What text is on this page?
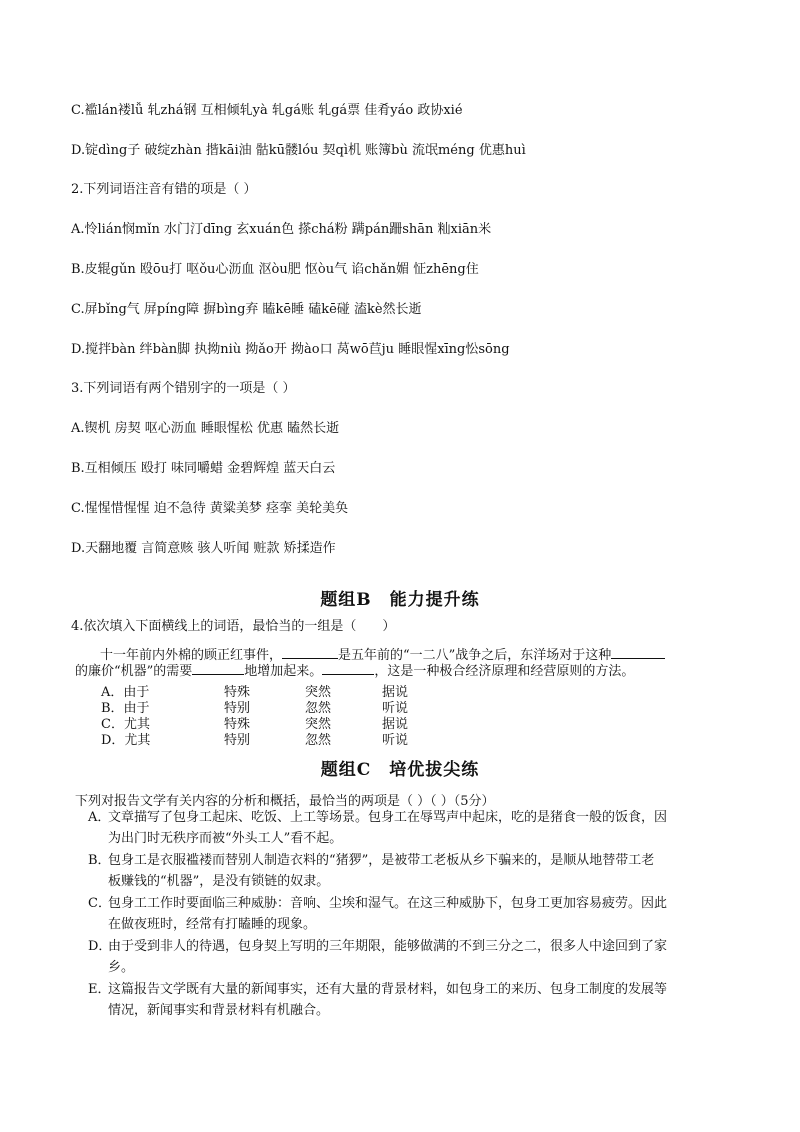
C.褴lán褛lǚ 轧zhá钢 互相倾轧yà 轧gá账 轧gá票 佳肴yáo 政协xié
D.锭dìng子 破绽zhàn 揩kāi油 骷kū髅lóu 契qì机 账簿bù 流氓méng 优惠huì
2.下列词语注音有错的项是（ ）
A.怜lián悯mǐn 水门汀dīng 玄xuán色 搽chá粉 蹒pán跚shān 籼xiān米
B.皮辊gǔn 殴ōu打 呕ǒu心沥血 沤òu肥 怄òu气 谄chǎn媚 怔zhēng住
C.屏bǐng气 屏píng障 摒bìng弃 瞌kē睡 磕kē碰 溘kè然长逝
D.搅拌bàn 绊bàn脚 执拗niù 拗ǎo开 拗ào口 莴wō苣ju 睡眼惺xīng忪sōng
3.下列词语有两个错别字的一项是（ ）
A.锲机 房契 呕心沥血 睡眼惺松 优惠 瞌然长逝
B.互相倾压 殴打 味同嚼蜡 金碧辉煌 蓝天白云
C.惺惺惜惺惺 迫不急待 黄粱美梦 痉挛 美轮美奂
D.天翻地覆 言简意赅 骇人听闻 赃款 矫揉造作
题组B　能力提升练
4.依次填入下面横线上的词语，最恰当的一组是（　　）
十一年前内外棉的顾正红事件，	是五年前的“一二八”战争之后，东洋场对于这种
的廉价“机器”的需要	地增加起来。	，这是一种极合经济原理和经营原则的方法。
A．由于	特殊	突然	据说
B．由于	特别	忽然	听说
C．尤其	特殊	突然	据说
D．尤其	特别	忽然	听说
题组C　培优拔尖练
下列对报告文学有关内容的分析和概括，最恰当的两项是（ ）（ ）（5分）
A．文章描写了包身工起床、吃饭、上工等场景。包身工在辱骂声中起床，吃的是猪食一般的饭食，因
为出门时无秩序而被“外头工人”看不起。
B．包身工是衣服褴褛而替别人制造衣料的“猪猡”，是被带工老板从乡下骗来的，是顺从地替带工老
板赚钱的“机器”，是没有锁链的奴隶。
C．包身工工作时要面临三种威胁：音响、尘埃和湿气。在这三种威胁下，包身工更加容易疲劳。因此
在做夜班时，经常有打瞌睡的现象。
D．由于受到非人的待遇，包身契上写明的三年期限，能够做满的不到三分之二，很多人中途回到了家
乡。
E．这篇报告文学既有大量的新闻事实，还有大量的背景材料，如包身工的来历、包身工制度的发展等
情况，新闻事实和背景材料有机融合。
